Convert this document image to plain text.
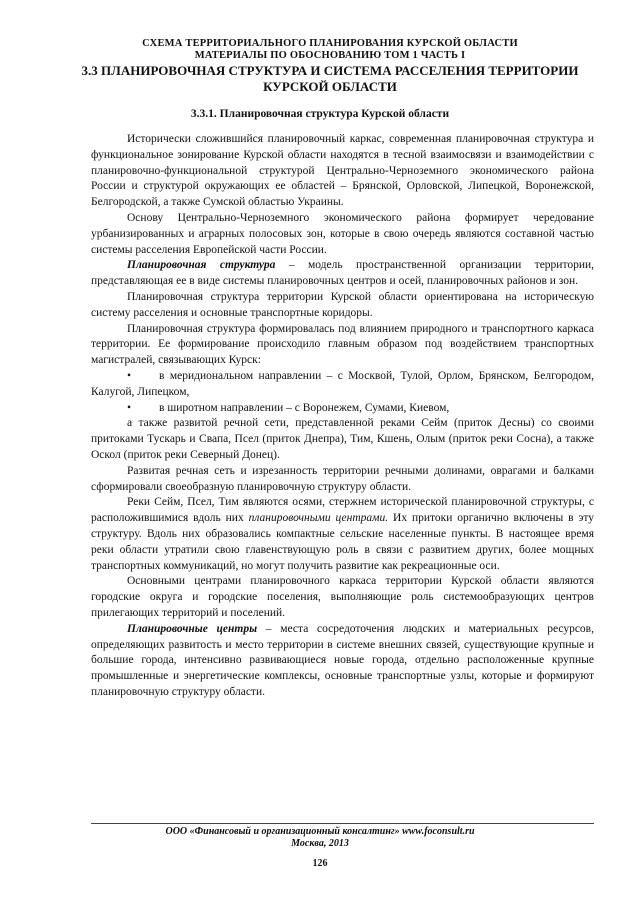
СХЕМА ТЕРРИТОРИАЛЬНОГО ПЛАНИРОВАНИЯ КУРСКОЙ ОБЛАСТИ
МАТЕРИАЛЫ ПО ОБОСНОВАНИЮ ТОМ 1 ЧАСТЬ I
3.3 ПЛАНИРОВОЧНАЯ СТРУКТУРА И СИСТЕМА РАССЕЛЕНИЯ ТЕРРИТОРИИ
КУРСКОЙ ОБЛАСТИ
3.3.1. Планировочная структура Курской области

Исторически сложившийся планировочный каркас, современная планировочная структура и функциональное зонирование Курской области находятся в тесной взаимосвязи и взаимодействии с планировочно-функциональной структурой Центрально-Черноземного экономического района России и структурой окружающих ее областей – Брянской, Орловской, Липецкой, Воронежской, Белгородской, а также Сумской областью Украины.

Основу Центрально-Черноземного экономического района формирует чередование урбанизированных и аграрных полосовых зон, которые в свою очередь являются составной частью системы расселения Европейской части России.

Планировочная структура – модель пространственной организации территории, представляющая ее в виде системы планировочных центров и осей, планировочных районов и зон.

Планировочная структура территории Курской области ориентирована на историческую систему расселения и основные транспортные коридоры.

Планировочная структура формировалась под влиянием природного и транспортного каркаса территории. Ее формирование происходило главным образом под воздействием транспортных магистралей, связывающих Курск:

• в меридиональном направлении – с Москвой, Тулой, Орлом, Брянском, Белгородом, Калугой, Липецком,

• в широтном направлении – с Воронежем, Сумами, Киевом,

а также развитой речной сети, представленной реками Сейм (приток Десны) со своими притоками Тускарь и Свапа, Псел (приток Днепра), Тим, Кшень, Олым (приток реки Сосна), а также Оскол (приток реки Северный Донец).

Развитая речная сеть и изрезанность территории речными долинами, оврагами и балками сформировали своеобразную планировочную структуру области.

Реки Сейм, Псел, Тим являются осями, стержнем исторической планировочной структуры, с расположившимися вдоль них планировочными центрами. Их притоки органично включены в эту структуру. Вдоль них образовались компактные сельские населенные пункты. В настоящее время реки области утратили свою главенствующую роль в связи с развитием других, более мощных транспортных коммуникаций, но могут получить развитие как рекреационные оси.

Основными центрами планировочного каркаса территории Курской области являются городские округа и городские поселения, выполняющие роль системообразующих центров прилегающих территорий и поселений.

Планировочные центры – места сосредоточения людских и материальных ресурсов, определяющих развитость и место территории в системе внешних связей, существующие крупные и большие города, интенсивно развивающиеся новые города, отдельно расположенные крупные промышленные и энергетические комплексы, основные транспортные узлы, которые и формируют планировочную структуру области.

ООО «Финансовый и организационный консалтинг» www.foconsult.ru
Москва, 2013
126
